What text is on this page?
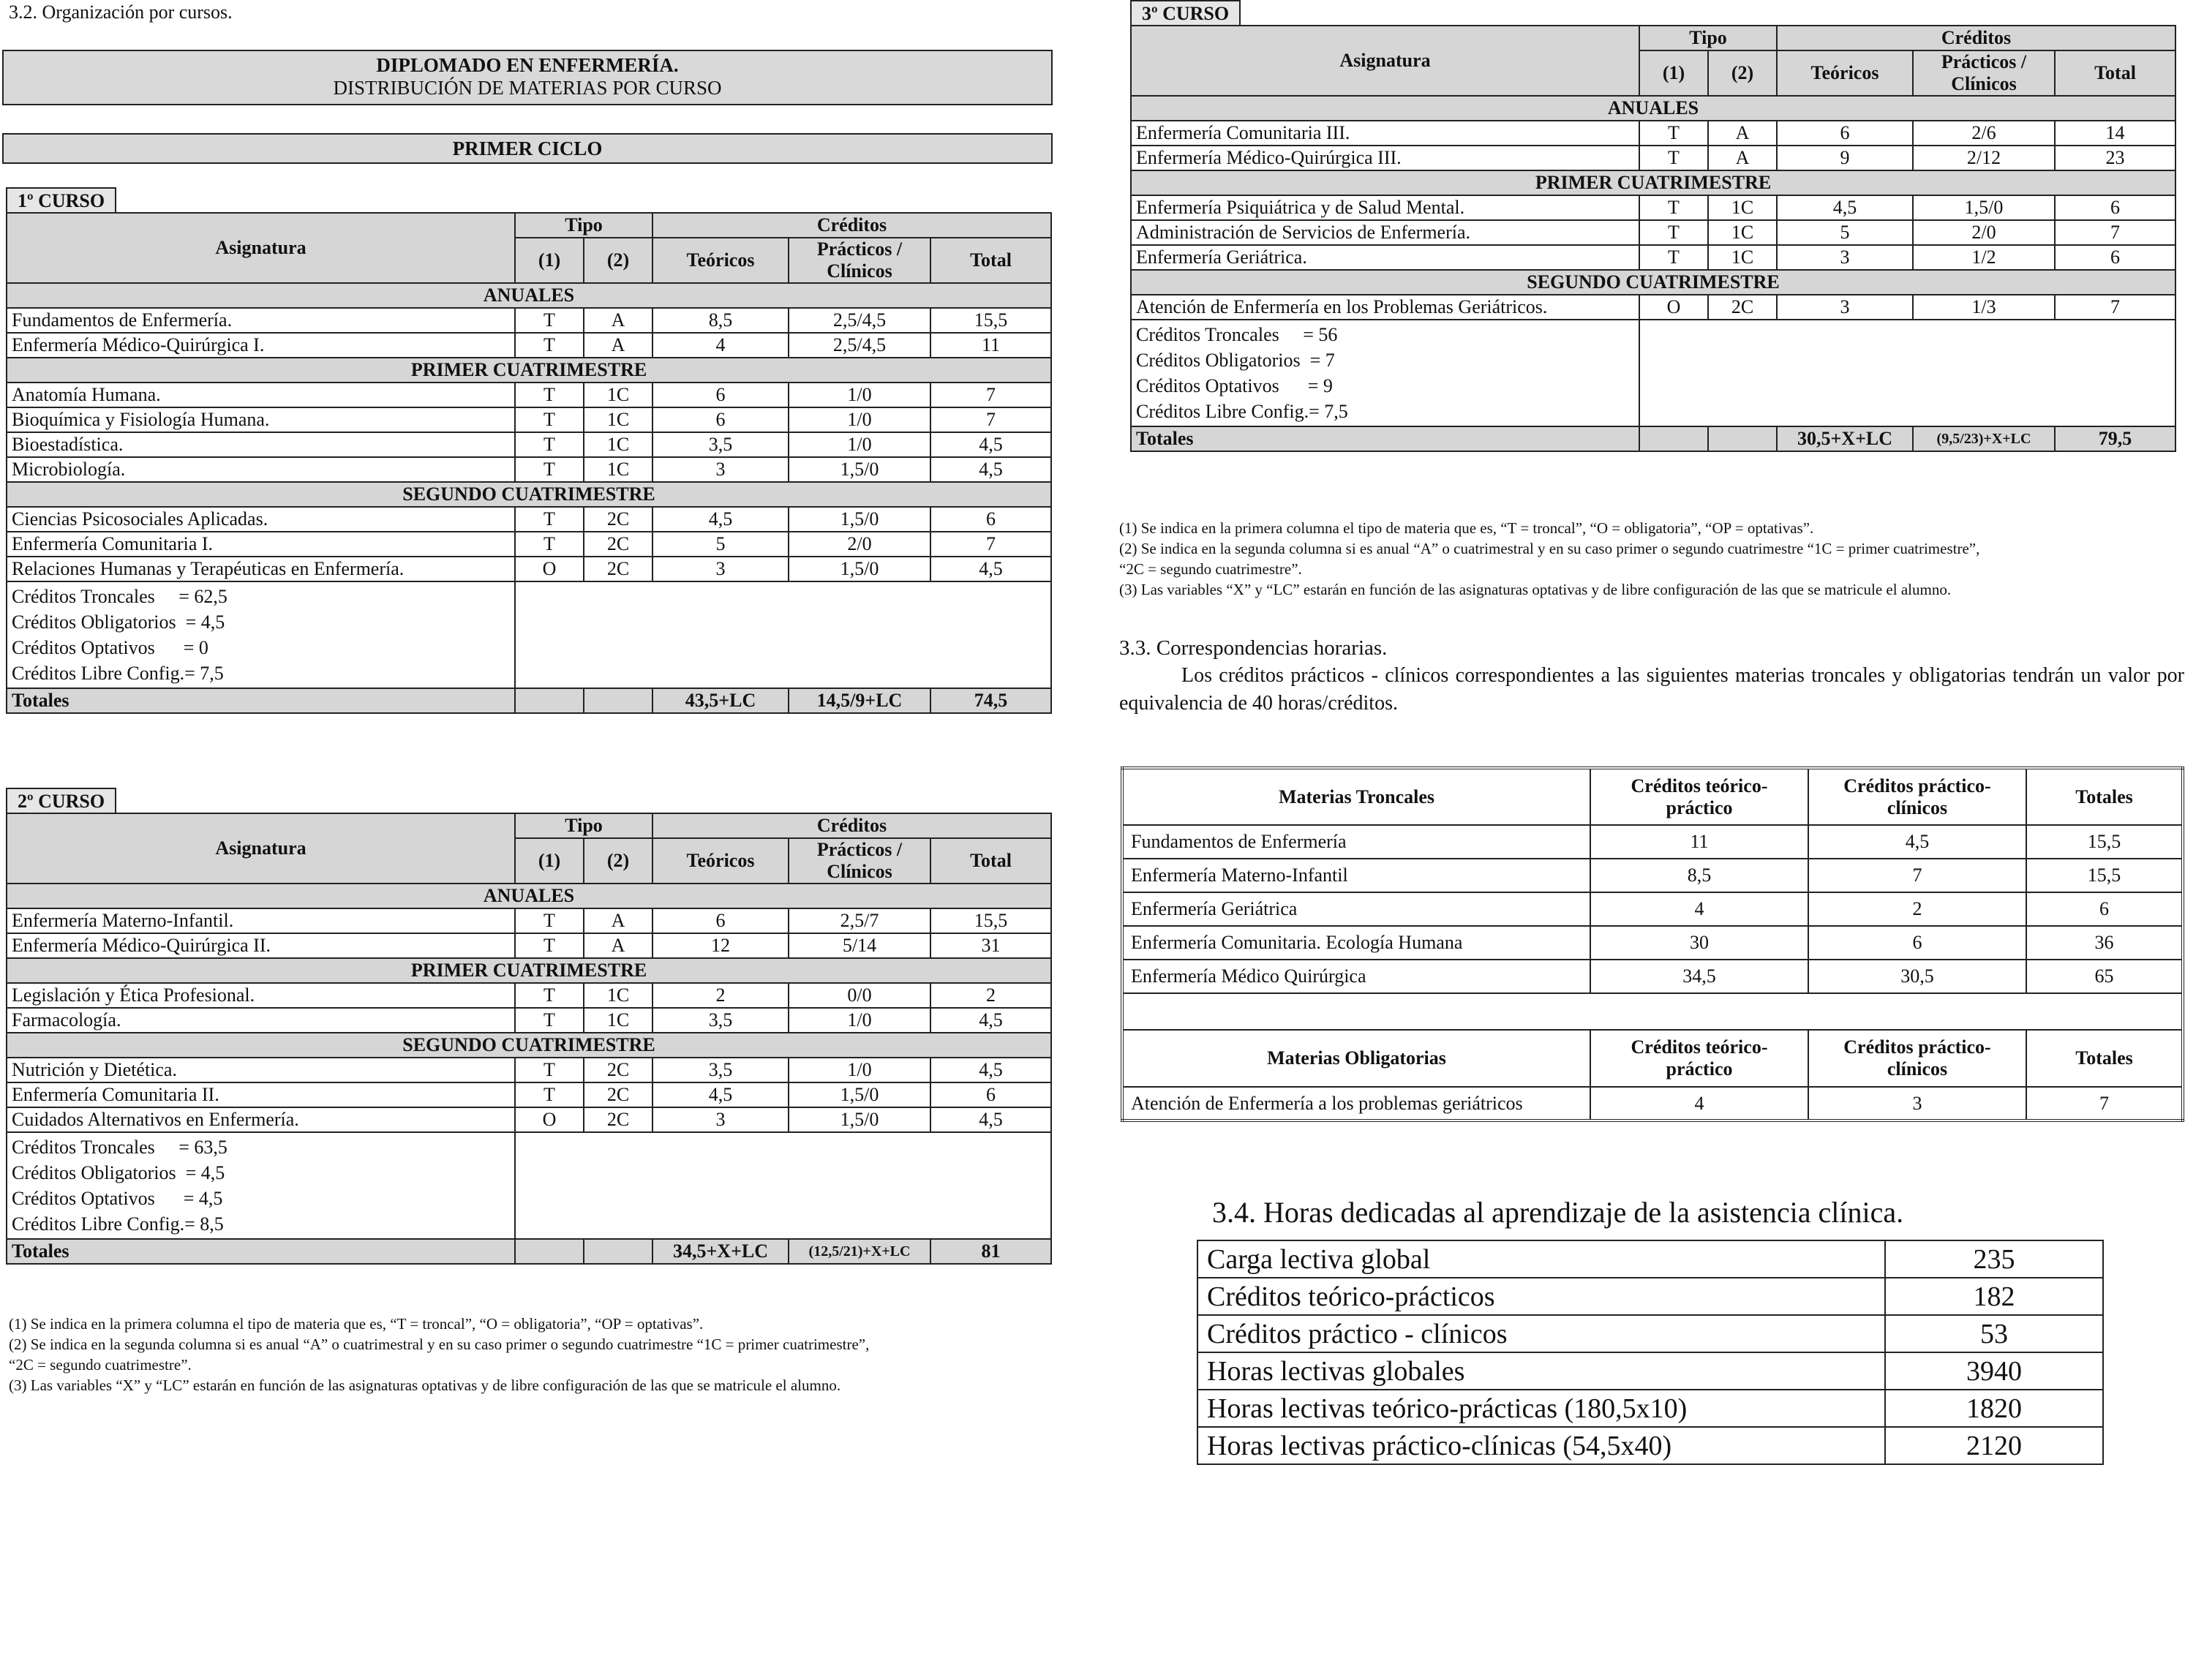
3.2. Organización por cursos.
DIPLOMADO EN ENFERMERÍA.
DISTRIBUCIÓN DE MATERIAS POR CURSO
PRIMER CICLO
1º CURSO
Asignatura	Tipo		Créditos		
	(1)	(2)	Teóricos	Prácticos / Clínicos	Total
ANUALES					
Fundamentos de Enfermería.	T	A	8,5	2,5/4,5	15,5
Enfermería Médico-Quirúrgica I.	T	A	4	2,5/4,5	11
PRIMER CUATRIMESTRE					
Anatomía Humana.	T	1C	6	1/0	7
Bioquímica y Fisiología Humana.	T	1C	6	1/0	7
Bioestadística.	T	1C	3,5	1/0	4,5
Microbiología.	T	1C	3	1,5/0	4,5
SEGUNDO CUATRIMESTRE					
Ciencias Psicosociales Aplicadas.	T	2C	4,5	1,5/0	6
Enfermería Comunitaria I.	T	2C	5	2/0	7
Relaciones Humanas y Terapéuticas en Enfermería.	O	2C	3	1,5/0	4,5

Créditos Troncales     = 62,5
Créditos Obligatorios  = 4,5
Créditos Optativos      = 0
Créditos Libre Config.= 7,5					

Totales			43,5+LC	14,5/9+LC	74,5
2º CURSO
Asignatura	Tipo		Créditos		
	(1)	(2)	Teóricos	Prácticos / Clínicos	Total
ANUALES					
Enfermería Materno-Infantil.	T	A	6	2,5/7	15,5
Enfermería Médico-Quirúrgica II.	T	A	12	5/14	31
PRIMER CUATRIMESTRE					
Legislación y Ética Profesional.	T	1C	2	0/0	2
Farmacología.	T	1C	3,5	1/0	4,5
SEGUNDO CUATRIMESTRE					
Nutrición y Dietética.	T	2C	3,5	1/0	4,5
Enfermería Comunitaria II.	T	2C	4,5	1,5/0	6
Cuidados Alternativos en Enfermería.	O	2C	3	1,5/0	4,5

Créditos Troncales     = 63,5
Créditos Obligatorios  = 4,5
Créditos Optativos      = 4,5
Créditos Libre Config.= 8,5					

Totales			34,5+X+LC	(12,5/21)+X+LC	81
(1) Se indica en la primera columna el tipo de materia que es, “T = troncal”, “O = obligatoria”, “OP = optativas”.
(2) Se indica en la segunda columna si es anual “A” o cuatrimestral y en su caso primer o segundo cuatrimestre “1C = primer cuatrimestre”,
“2C = segundo cuatrimestre”.
(3) Las variables “X” y “LC” estarán en función de las asignaturas optativas y de libre configuración de las que se matricule el alumno.
3º CURSO
Asignatura	Tipo		Créditos		
	(1)	(2)	Teóricos	Prácticos / Clínicos	Total
ANUALES					
Enfermería Comunitaria III.	T	A	6	2/6	14
Enfermería Médico-Quirúrgica III.	T	A	9	2/12	23
PRIMER CUATRIMESTRE					
Enfermería Psiquiátrica y de Salud Mental.	T	1C	4,5	1,5/0	6
Administración de Servicios de Enfermería.	T	1C	5	2/0	7
Enfermería Geriátrica.	T	1C	3	1/2	6
SEGUNDO CUATRIMESTRE					
Atención de Enfermería en los Problemas Geriátricos.	O	2C	3	1/3	7

Créditos Troncales     = 56
Créditos Obligatorios  = 7
Créditos Optativos      = 9
Créditos Libre Config.= 7,5					

Totales			30,5+X+LC	(9,5/23)+X+LC	79,5
(1) Se indica en la primera columna el tipo de materia que es, “T = troncal”, “O = obligatoria”, “OP = optativas”.
(2) Se indica en la segunda columna si es anual “A” o cuatrimestral y en su caso primer o segundo cuatrimestre “1C = primer cuatrimestre”,
“2C = segundo cuatrimestre”.
(3) Las variables “X” y “LC” estarán en función de las asignaturas optativas y de libre configuración de las que se matricule el alumno.
3.3. Correspondencias horarias.
Los créditos prácticos - clínicos correspondientes a las siguientes materias troncales y obligatorias tendrán un valor por equivalencia de 40 horas/créditos.
Materias Troncales	Créditos teórico-práctico	Créditos práctico-clínicos	Totales
Fundamentos de Enfermería	11	4,5	15,5
Enfermería Materno-Infantil	8,5	7	15,5
Enfermería Geriátrica	4	2	6
Enfermería Comunitaria. Ecología Humana	30	6	36
Enfermería Médico Quirúrgica	34,5	30,5	65

Materias Obligatorias	Créditos teórico-práctico	Créditos práctico-clínicos	Totales
Atención de Enfermería a los problemas geriátricos	4	3	7
3.4. Horas dedicadas al aprendizaje de la asistencia clínica.
Carga lectiva global	235
Créditos teórico-prácticos	182
Créditos práctico - clínicos	53
Horas lectivas globales	3940
Horas lectivas teórico-prácticas (180,5x10)	1820
Horas lectivas práctico-clínicas (54,5x40)	2120
